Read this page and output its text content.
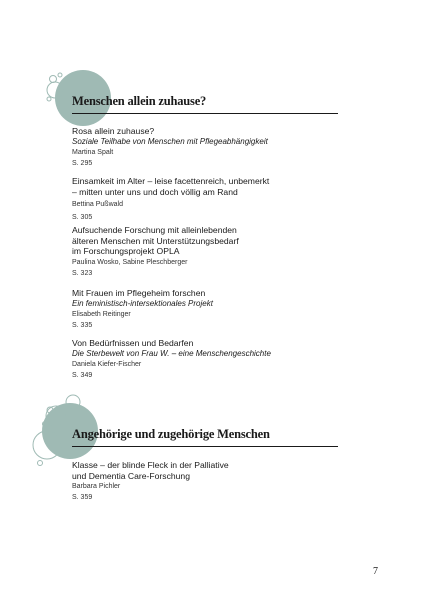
Menschen allein zuhause?
Rosa allein zuhause?
Soziale Teilhabe von Menschen mit Pflegeabhängigkeit
Martina Spalt
S. 295
Einsamkeit im Alter – leise facettenreich, unbemerkt
– mitten unter uns und doch völlig am Rand
Bettina Pußwald
S. 305
Aufsuchende Forschung mit alleinlebenden
älteren Menschen mit Unterstützungsbedarf
im Forschungsprojekt OPLA
Paulina Wosko, Sabine Pleschberger
S. 323
Mit Frauen im Pflegeheim forschen
Ein feministisch-intersektionales Projekt
Elisabeth Reitinger
S. 335
Von Bedürfnissen und Bedarfen
Die Sterbewelt von Frau W. – eine Menschengeschichte
Daniela Kiefer-Fischer
S. 349
Angehörige und zugehörige Menschen
Klasse – der blinde Fleck in der Palliative
und Dementia Care-Forschung
Barbara Pichler
S. 359
7
